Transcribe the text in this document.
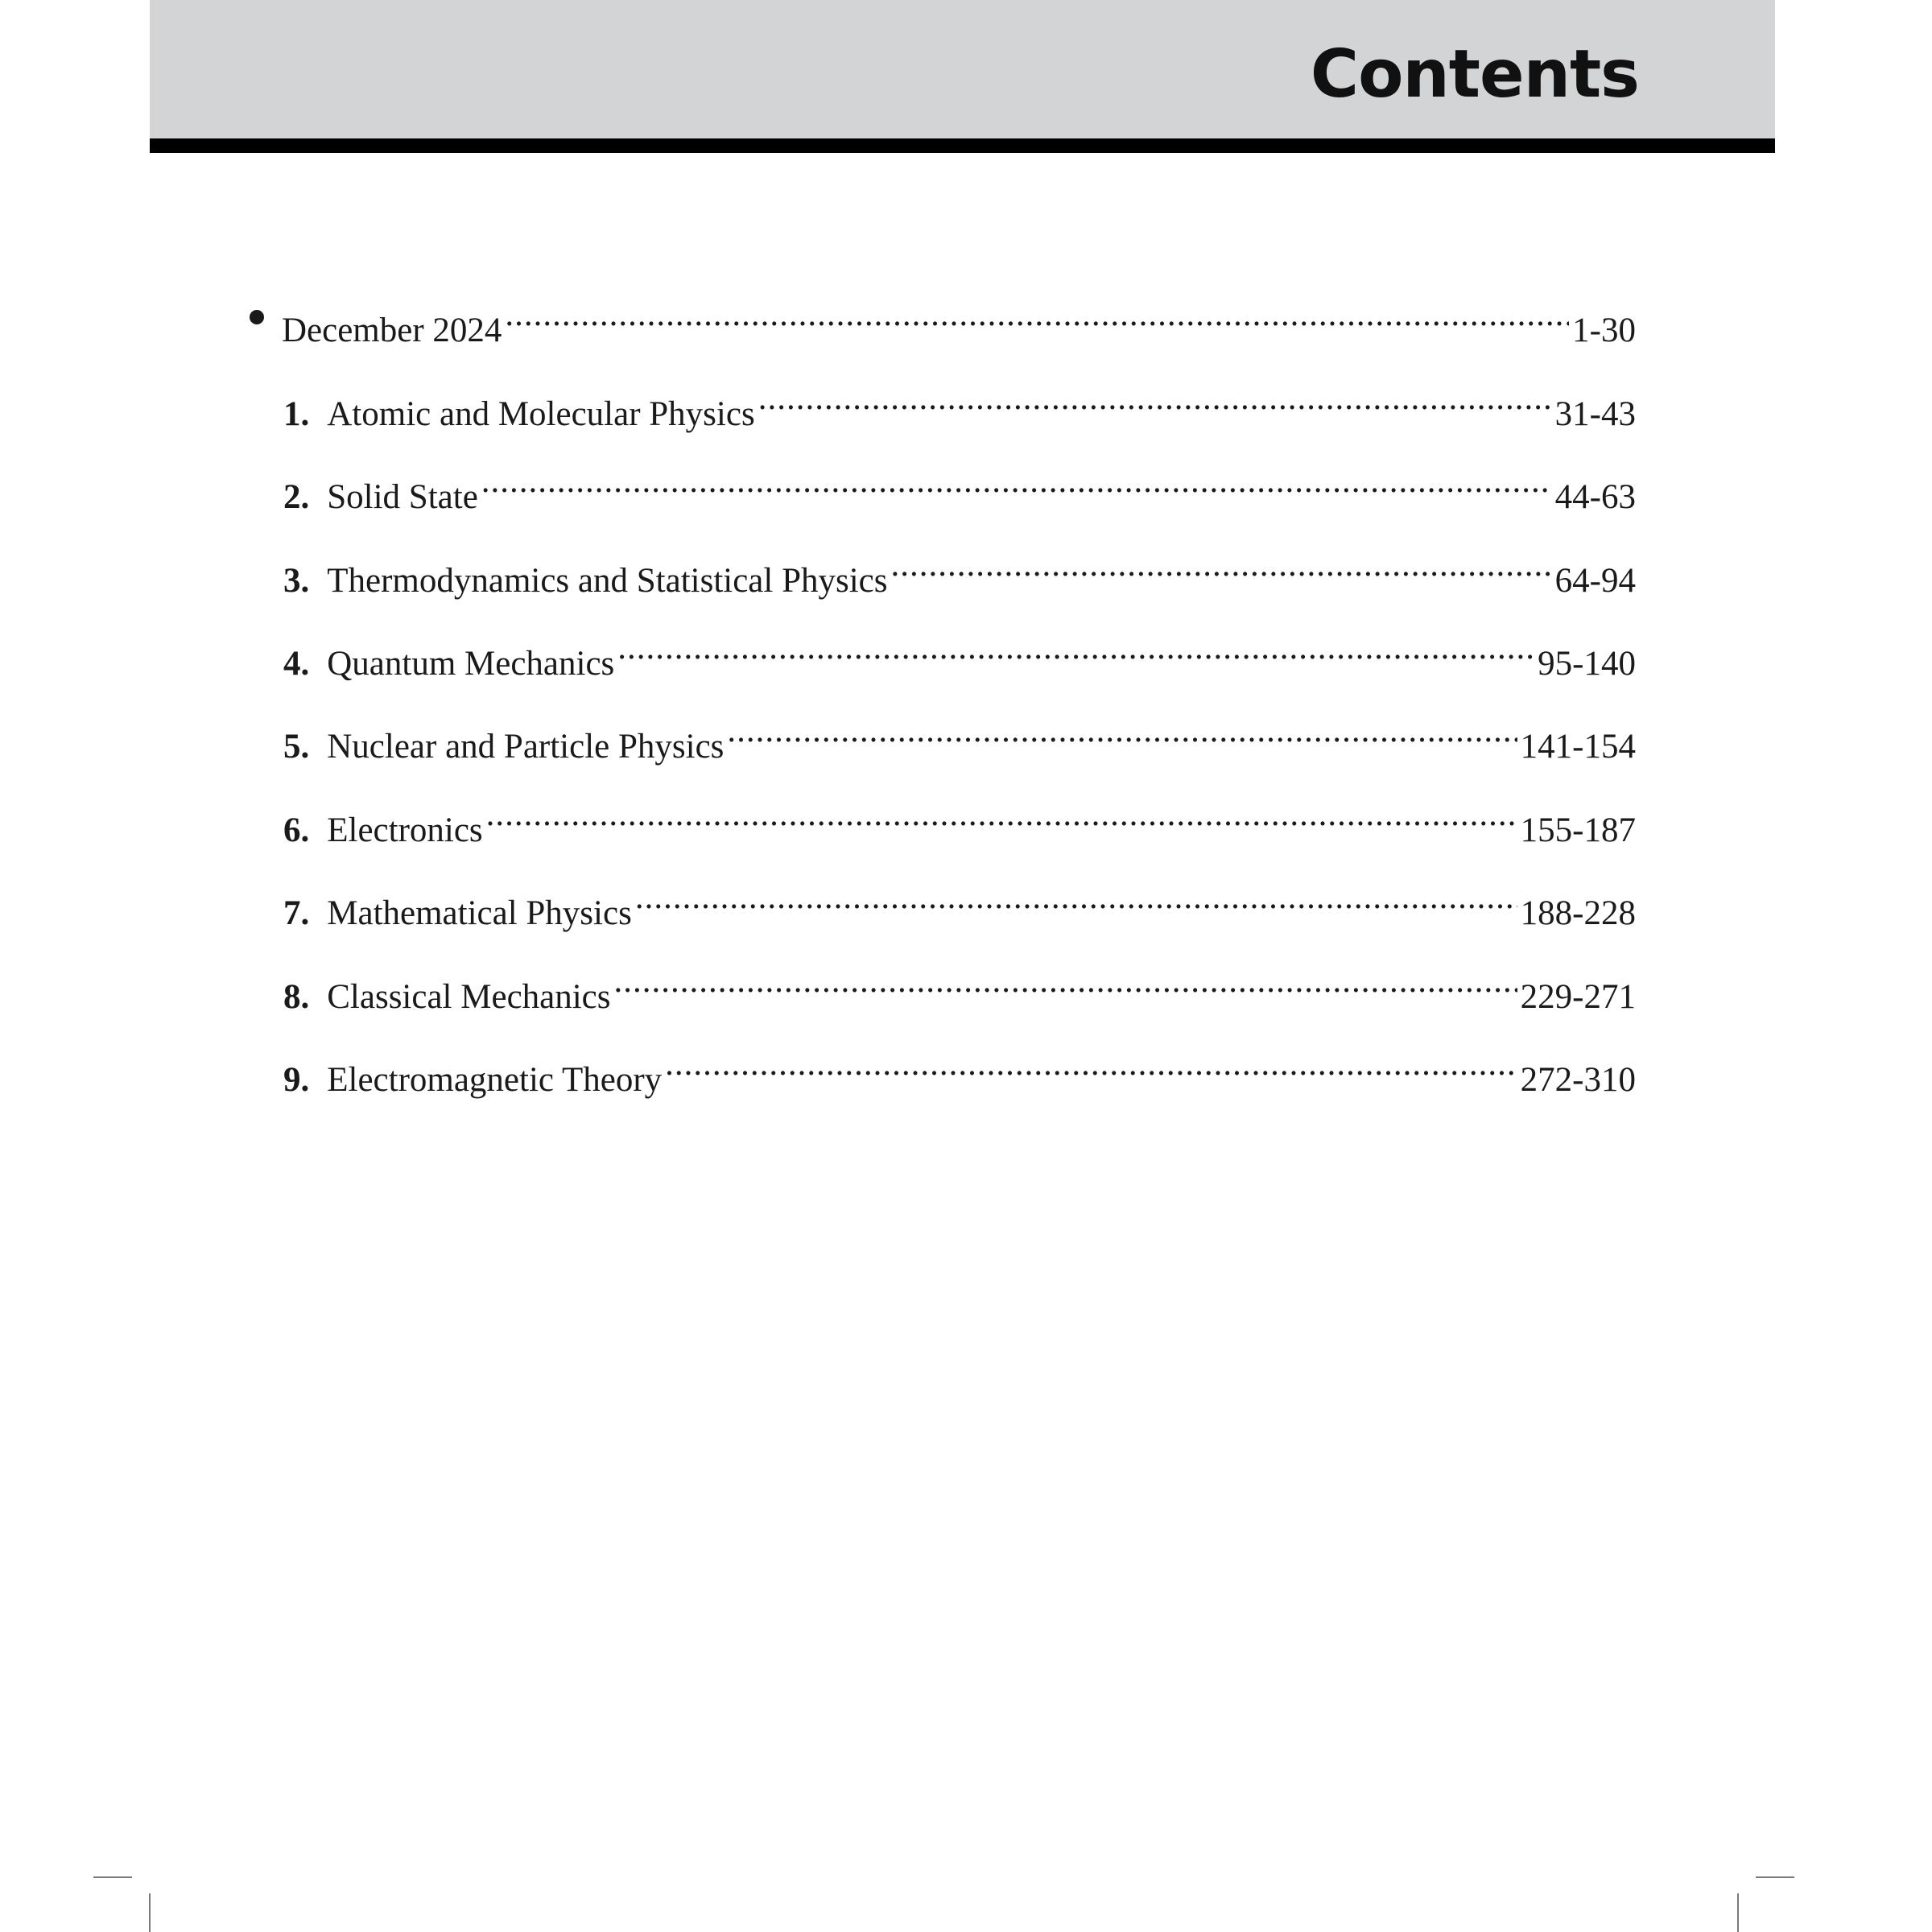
Contents
December 2024 .....	1-30
1. Atomic and Molecular Physics .....	31-43
2. Solid State .....	44-63
3. Thermodynamics and Statistical Physics .....	64-94
4. Quantum Mechanics .....	95-140
5. Nuclear and Particle Physics .....	141-154
6. Electronics .....	155-187
7. Mathematical Physics .....	188-228
8. Classical Mechanics .....	229-271
9. Electromagnetic Theory .....	272-310
